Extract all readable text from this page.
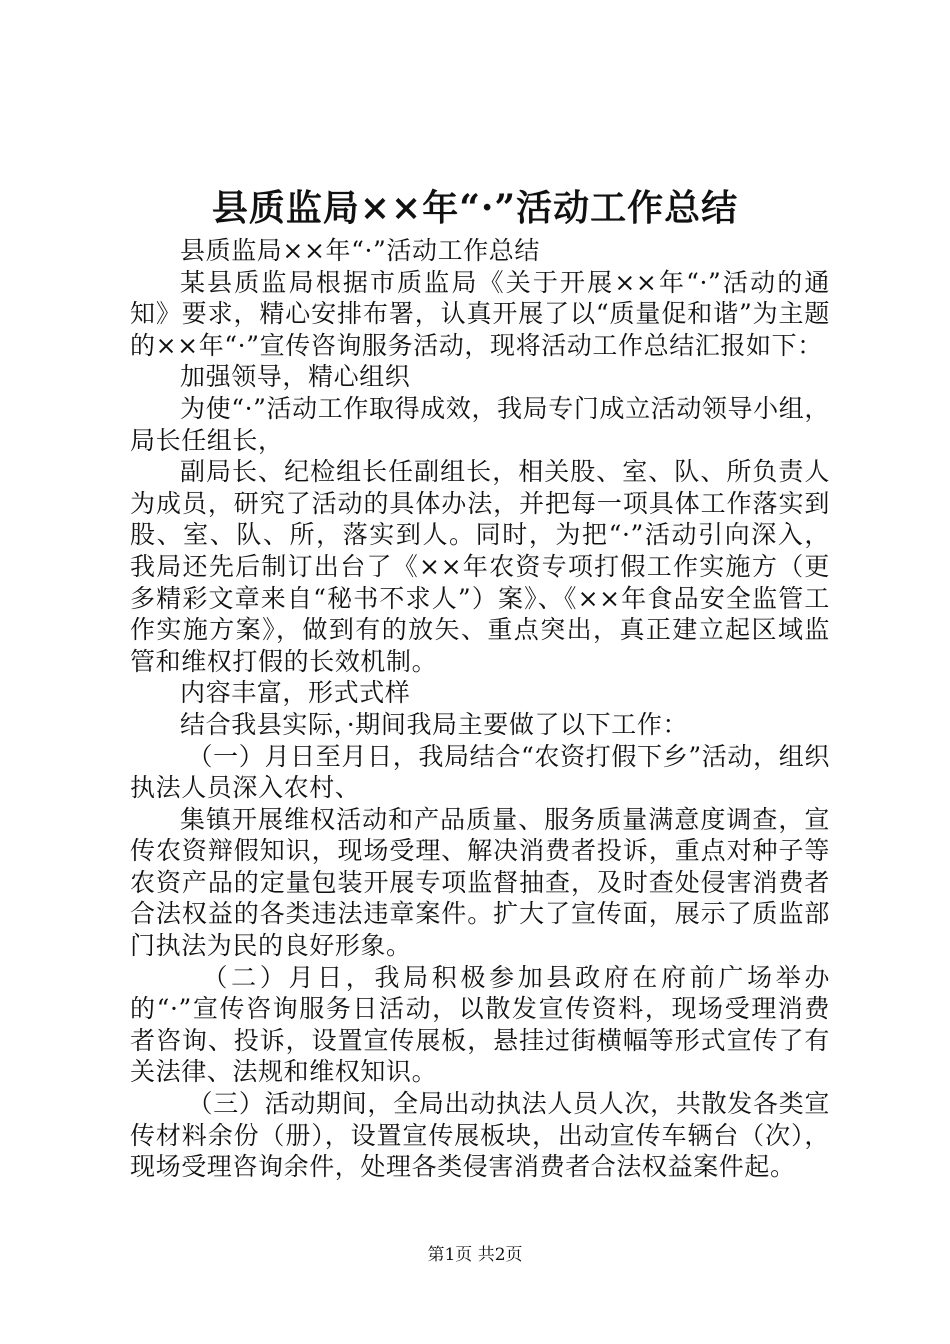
县质监局××年“·”活动工作总结

县质监局××年“·”活动工作总结

某县质监局根据市质监局《关于开展××年“·”活动的通知》要求，精心安排布署，认真开展了以“质量促和谐”为主题的××年“·”宣传咨询服务活动，现将活动工作总结汇报如下：

加强领导，精心组织

为使“·”活动工作取得成效，我局专门成立活动领导小组，局长任组长，

副局长、纪检组长任副组长，相关股、室、队、所负责人为成员，研究了活动的具体办法，并把每一项具体工作落实到股、室、队、所，落实到人。同时，为把“·”活动引向深入，我局还先后制订出台了《××年农资专项打假工作实施方（更多精彩文章来自“秘书不求人”）案》、《××年食品安全监管工作实施方案》，做到有的放矢、重点突出，真正建立起区域监管和维权打假的长效机制。

内容丰富，形式式样

结合我县实际，·期间我局主要做了以下工作：

（一）月日至月日，我局结合“农资打假下乡”活动，组织执法人员深入农村、

集镇开展维权活动和产品质量、服务质量满意度调查，宣传农资辩假知识，现场受理、解决消费者投诉，重点对种子等农资产品的定量包装开展专项监督抽查，及时查处侵害消费者合法权益的各类违法违章案件。扩大了宣传面，展示了质监部门执法为民的良好形象。

（二）月日，我局积极参加县政府在府前广场举办的“·”宣传咨询服务日活动，以散发宣传资料，现场受理消费者咨询、投诉，设置宣传展板，悬挂过街横幅等形式宣传了有关法律、法规和维权知识。

（三）活动期间，全局出动执法人员人次，共散发各类宣传材料余份（册），设置宣传展板块，出动宣传车辆台（次），现场受理咨询余件，处理各类侵害消费者合法权益案件起。

第1页 共2页
